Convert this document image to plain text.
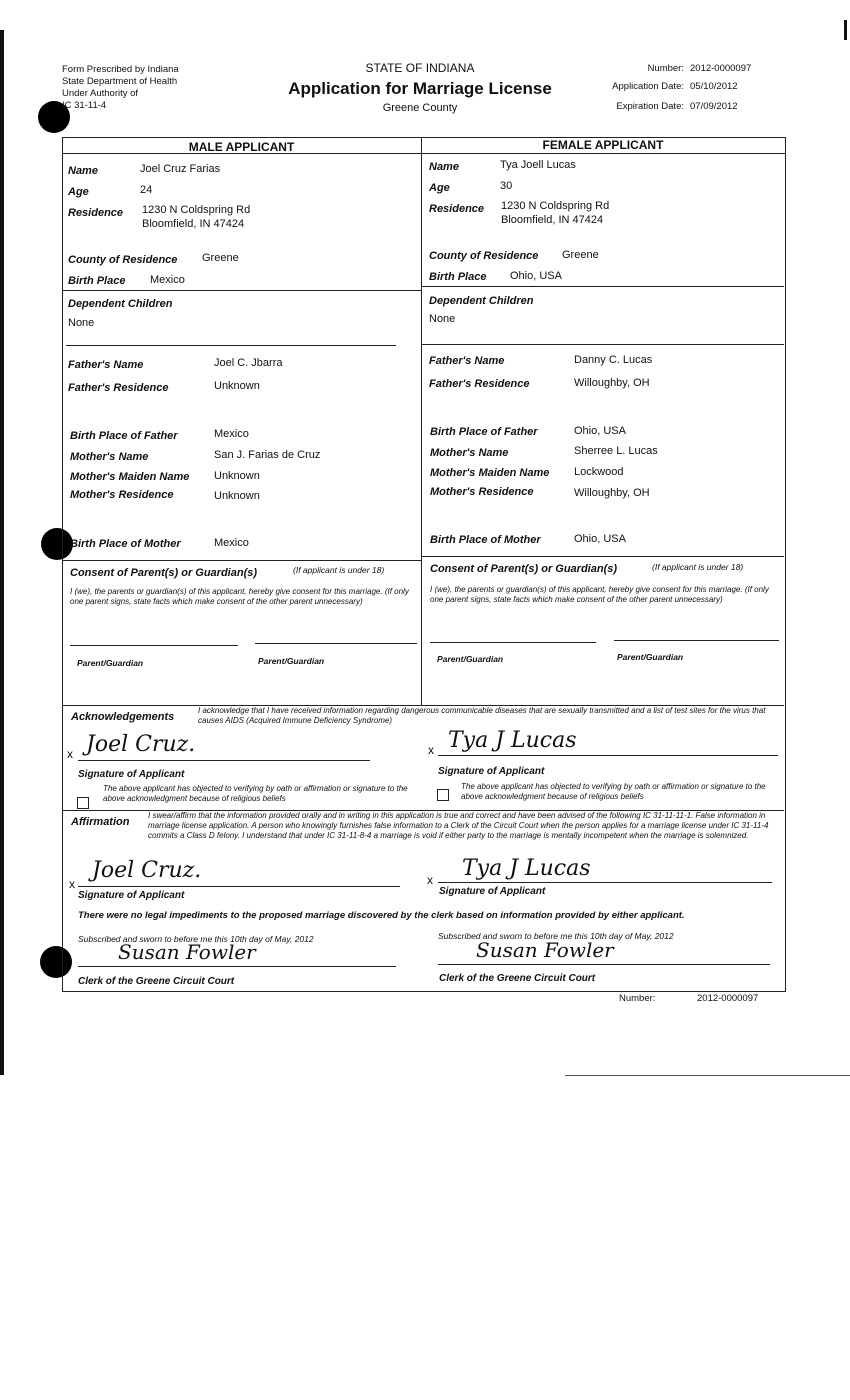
Form Prescribed by Indiana
State Department of Health
Under Authority of
IC 31-11-4
STATE OF INDIANA
Application for Marriage License
Greene County
Number: 2012-0000097
Application Date: 05/10/2012
Expiration Date: 07/09/2012
MALE APPLICANT	FEMALE APPLICANT
Name	Joel Cruz Farias
Age	24
Residence 1230 N Coldspring Rd
Bloomfield, IN 47424
County of Residence Greene
Birth Place Mexico
Dependent Children
None
Father's Name	Joel C. Jbarra
Father's Residence	Unknown
Birth Place of Father	Mexico
Mother's Name	San J. Farias de Cruz
Mother's Maiden Name Unknown
Mother's Residence	Unknown
Birth Place of Mother	Mexico
Name	Tya Joell Lucas
Age	30
Residence 1230 N Coldspring Rd
Bloomfield, IN 47424
County of Residence Greene
Birth Place Ohio, USA
Dependent Children
None
Father's Name	Danny C. Lucas
Father's Residence	Willoughby, OH
Birth Place of Father	Ohio, USA
Mother's Name	Sherree L. Lucas
Mother's Maiden Name Lockwood
Mother's Residence	Willoughby, OH
Birth Place of Mother	Ohio, USA
Consent of Parent(s) or Guardian(s)	(If applicant is under 18)
I (we), the parents or guardian(s) of this applicant, hereby give consent for this marriage. (If only one parent signs, state facts which make consent of the other parent unnecessary)
Parent/Guardian	Parent/Guardian
Consent of Parent(s) or Guardian(s)	(If applicant is under 18)
I (we), the parents or guardian(s) of this applicant, hereby give consent for this marriage. (If only one parent signs, state facts which make consent of the other parent unnecessary)
Parent/Guardian	Parent/Guardian
Acknowledgements
I acknowledge that I have received information regarding dangerous communicable diseases that are sexually transmitted and a list of test sites for the virus that causes AIDS (Acquired Immune Deficiency Syndrome)
x Joel Cruz.
Signature of Applicant
The above applicant has objected to verifying by oath or affirmation or signature to the above acknowledgment because of religious beliefs
x Tya J Lucas
Signature of Applicant
The above applicant has objected to verifying by oath or affirmation or signature to the above acknowledgment because of religious beliefs
Affirmation
I swear/affirm that the information provided orally and in writing in this application is true and correct and have been advised of the following IC 31-11-11-1. False information in marriage license application. A person who knowingly furnishes false information to a Clerk of the Circuit Court when the person applies for a marriage license under IC 31-11-4 commits a Class D felony. I understand that under IC 31-11-8-4 a marriage is void if either party to the marriage is mentally incompetent when the marriage is solemnized.
x
Joel Cruz.
Signature of Applicant
x Tya J Lucas
Signature of Applicant
There were no legal impediments to the proposed marriage discovered by the clerk based on information provided by either applicant.
Subscribed and sworn to before me this 10th day of May, 2012
Susan Fowler
Clerk of the Greene Circuit Court
Subscribed and sworn to before me this 10th day of May, 2012
Susan Fowler
Clerk of the Greene Circuit Court
Number:	2012-0000097
